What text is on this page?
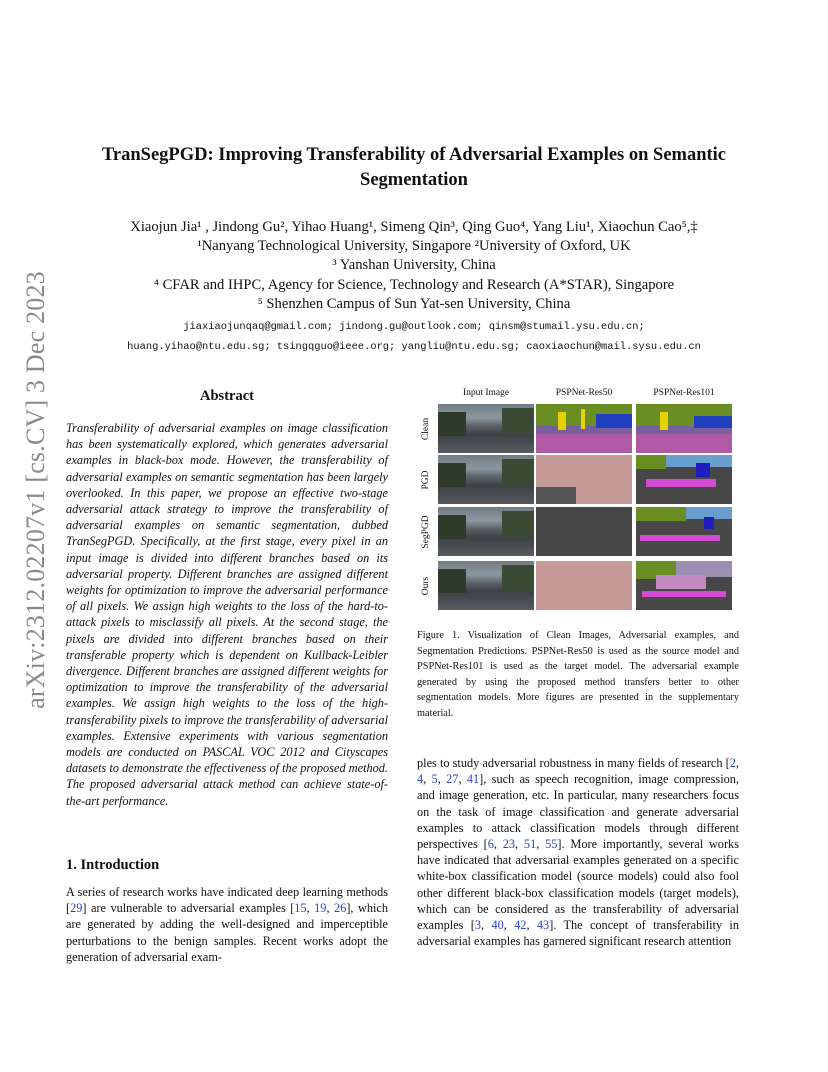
arXiv:2312.02207v1 [cs.CV] 3 Dec 2023
TranSegPGD: Improving Transferability of Adversarial Examples on Semantic
Segmentation
Xiaojun Jia¹ , Jindong Gu², Yihao Huang¹, Simeng Qin³, Qing Guo⁴, Yang Liu¹, Xiaochun Cao⁵,‡
¹Nanyang Technological University, Singapore ²University of Oxford, UK
³ Yanshan University, China
⁴ CFAR and IHPC, Agency for Science, Technology and Research (A*STAR), Singapore
⁵ Shenzhen Campus of Sun Yat-sen University, China
jiaxiaojunqaq@gmail.com; jindong.gu@outlook.com; qinsm@stumail.ysu.edu.cn;
huang.yihao@ntu.edu.sg; tsingqguo@ieee.org; yangliu@ntu.edu.sg; caoxiaochun@mail.sysu.edu.cn
Abstract
Transferability of adversarial examples on image classification has been systematically explored, which generates adversarial examples in black-box mode. However, the transferability of adversarial examples on semantic segmentation has been largely overlooked. In this paper, we propose an effective two-stage adversarial attack strategy to improve the transferability of adversarial examples on semantic segmentation, dubbed TranSegPGD. Specifically, at the first stage, every pixel in an input image is divided into different branches based on its adversarial property. Different branches are assigned different weights for optimization to improve the adversarial performance of all pixels. We assign high weights to the loss of the hard-to-attack pixels to misclassify all pixels. At the second stage, the pixels are divided into different branches based on their transferable property which is dependent on Kullback-Leibler divergence. Different branches are assigned different weights for optimization to improve the transferability of the adversarial examples. We assign high weights to the loss of the high-transferability pixels to improve the transferability of adversarial examples. Extensive experiments with various segmentation models are conducted on PASCAL VOC 2012 and Cityscapes datasets to demonstrate the effectiveness of the proposed method. The proposed adversarial attack method can achieve state-of-the-art performance.
1. Introduction
A series of research works have indicated deep learning methods [29] are vulnerable to adversarial examples [15, 19, 26], which are generated by adding the well-designed and imperceptible perturbations to the benign samples. Recent works adopt the generation of adversarial exam-
Input Image	PSPNet-Res50	PSPNet-Res101
Clean
PGD
SegPGD
Ours
Figure 1. Visualization of Clean Images, Adversarial examples, and Segmentation Predictions. PSPNet-Res50 is used as the source model and PSPNet-Res101 is used as the target model. The adversarial example generated by using the proposed method transfers better to other segmentation models. More figures are presented in the supplementary material.
ples to study adversarial robustness in many fields of research [2, 4, 5, 27, 41], such as speech recognition, image compression, and image generation, etc. In particular, many researchers focus on the task of image classification and generate adversarial examples to attack classification models through different perspectives [6, 23, 51, 55]. More importantly, several works have indicated that adversarial examples generated on a specific white-box classification model (source models) could also fool other different black-box classification models (target models), which can be considered as the transferability of adversarial examples [3, 40, 42, 43]. The concept of transferability in adversarial examples has garnered significant research attention
